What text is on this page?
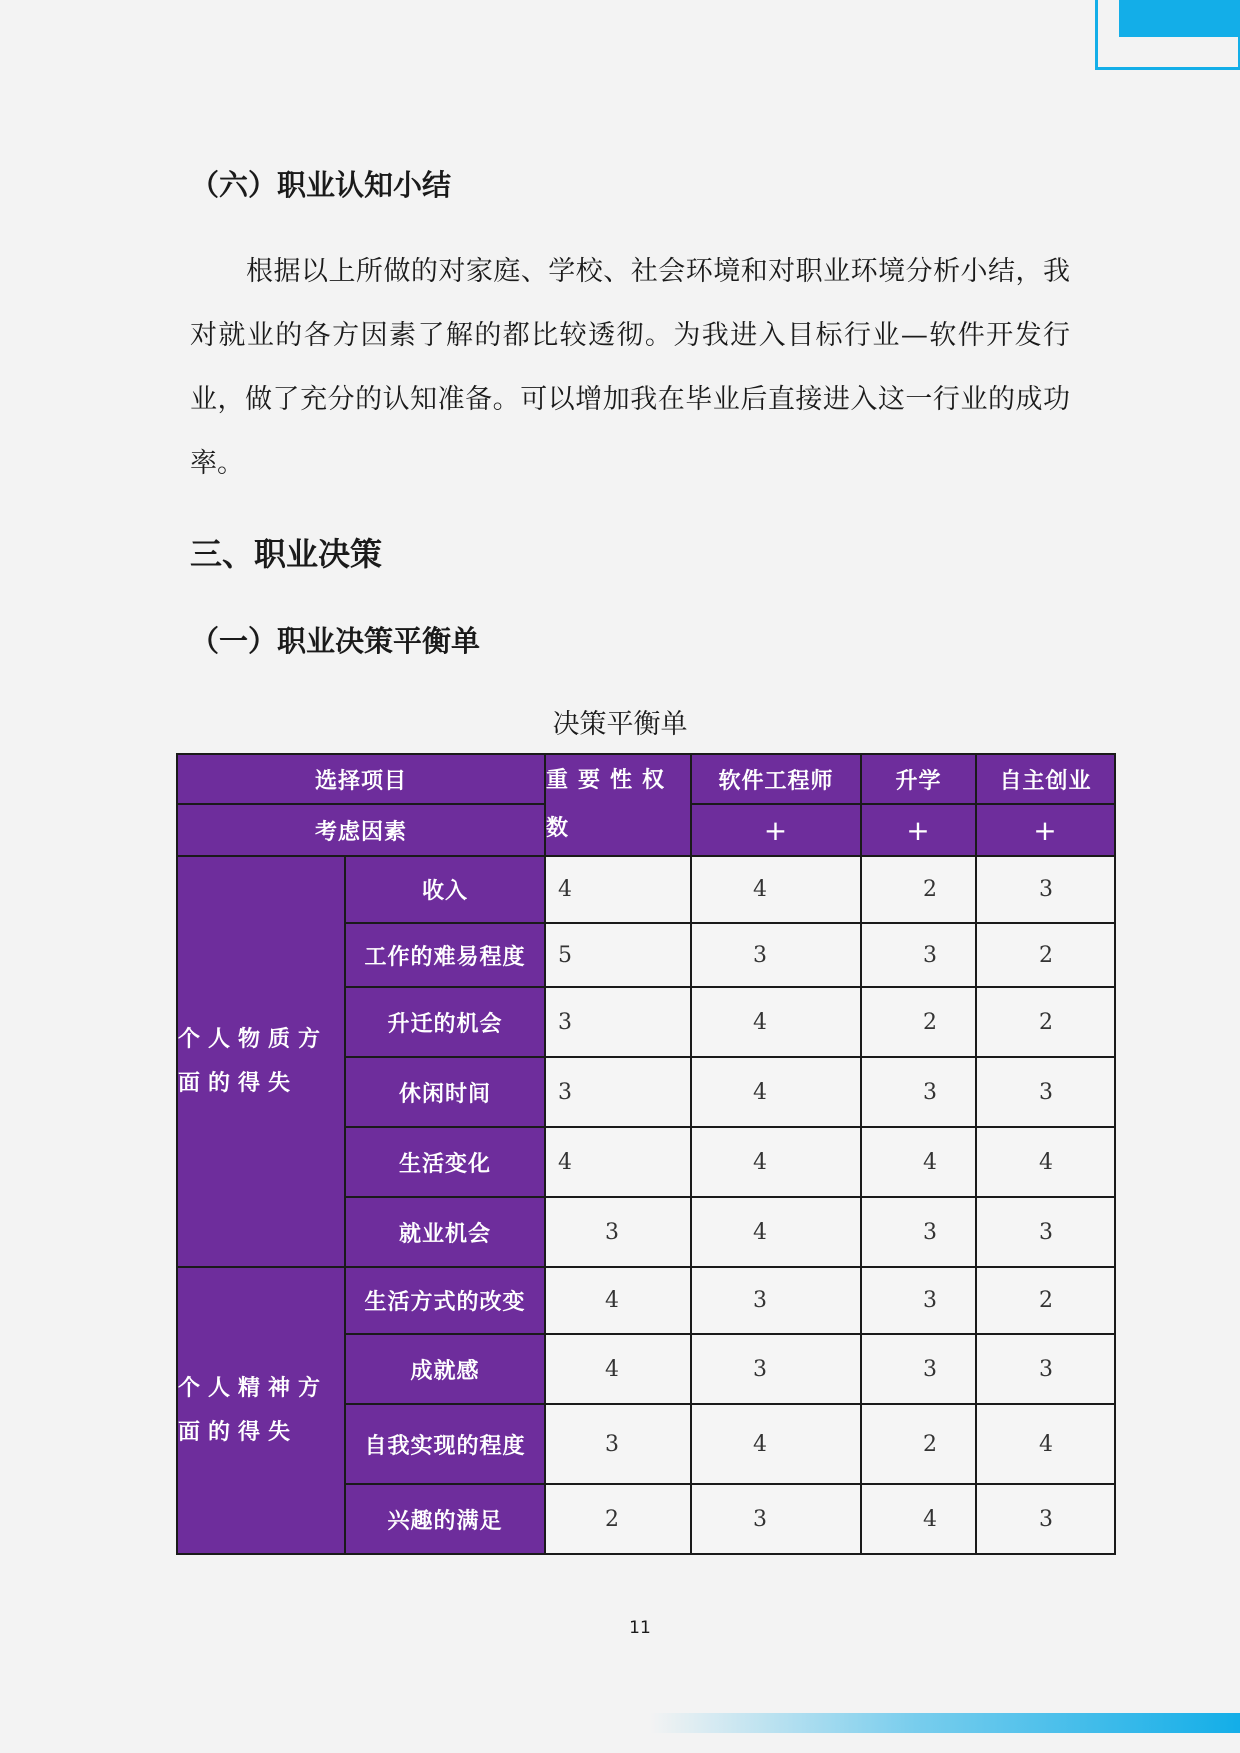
（六）职业认知小结

根据以上所做的对家庭、学校、社会环境和对职业环境分析小结，我对就业的各方因素了解的都比较透彻。为我进入目标行业—软件开发行业，做了充分的认知准备。可以增加我在毕业后直接进入这一行业的成功率。

三、职业决策
（一）职业决策平衡单

决策平衡单

选择项目		重要性权数	软件工程师	升学	自主创业
考虑因素			+	+	+
个人物质方面的得失	收入	4	4	2	3
	工作的难易程度	5	3	3	2
	升迁的机会	3	4	2	2
	休闲时间	3	4	3	3
	生活变化	4	4	4	4
	就业机会	3	4	3	3
个人精神方面的得失	生活方式的改变	4	3	3	2
	成就感	4	3	3	3
	自我实现的程度	3	4	2	4
	兴趣的满足	2	3	4	3

11
